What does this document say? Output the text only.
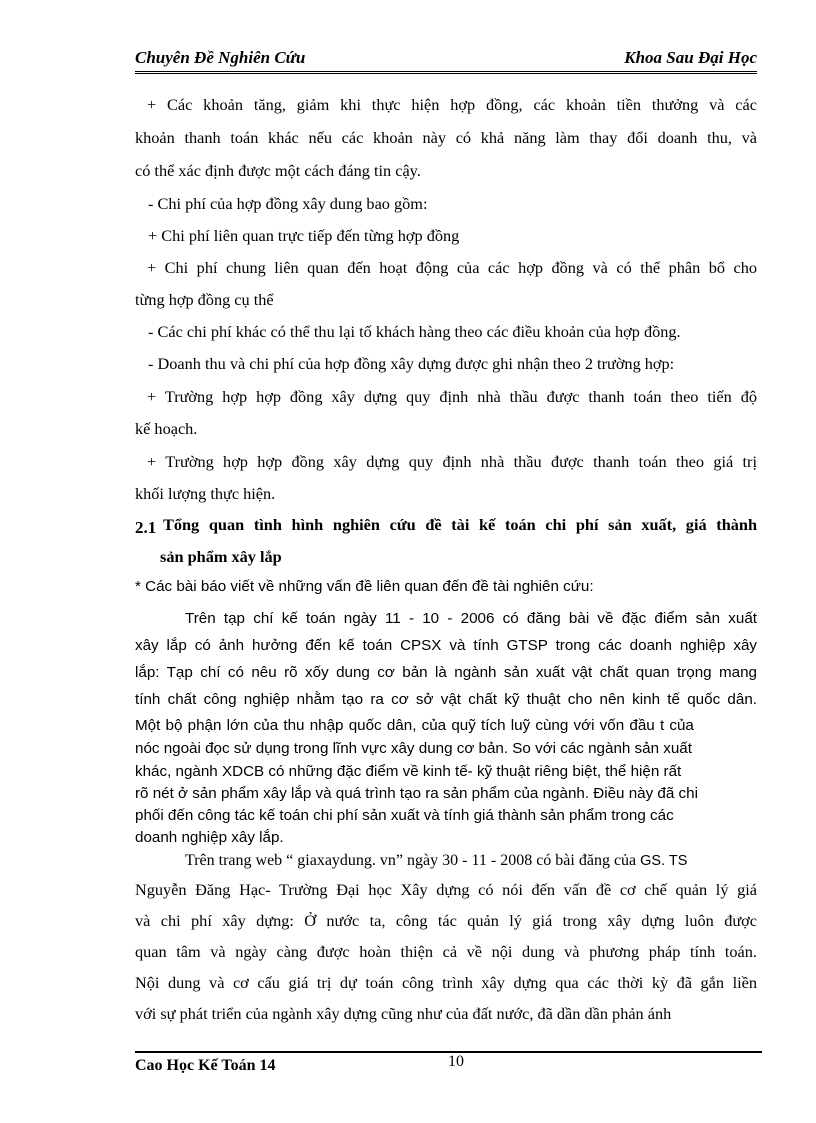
Chuyên Đề Nghiên Cứu	Khoa Sau Đại Học
+ Các khoản tăng, giảm khi thực hiện hợp đồng, các khoản tiền thưởng và các
khoản thanh toán khác nếu các khoản này có khả năng làm thay đổi doanh thu, và
có thể xác định được một cách đáng tin cậy.
- Chi phí của hợp đồng xây dung bao gồm:
+ Chi phí liên quan trực tiếp đến từng hợp đồng
+ Chi phí chung liên quan đến hoạt động của các hợp đồng và có thể phân bổ cho
từng hợp đồng cụ thể
- Các chi phí khác có thể thu lại tố khách hàng theo các điều khoản của hợp đồng.
- Doanh thu và chi phí của hợp đồng xây dựng được ghi nhận theo 2 trường hợp:
+ Trường hợp hợp đồng xây dựng quy định nhà thầu được thanh toán theo tiến độ
kế hoạch.
+ Trường hợp hợp đồng xây dựng quy định nhà thầu được thanh toán theo giá trị
khối lượng thực hiện.
2.1 Tổng quan tình hình nghiên cứu đề tài kế toán chi phí sản xuất, giá thành
sản phẩm xây lắp
* Các bài báo viết về những vấn đề liên quan đến đề tài nghiên cứu:
Trên tạp chí kế toán ngày 11 - 10 - 2006 có đăng bài về đặc điểm sản xuất
xây lắp có ảnh hưởng đến kế toán CPSX và tính GTSP trong các doanh nghiệp xây
lắp: Tạp chí có nêu rõ xốy dung cơ bản là ngành sản xuất vật chất quan trọng mang
tính chất công nghiệp nhằm tạo ra cơ sở vật chất kỹ thuật cho nên kinh tế quốc dân.
Một bộ phận lớn của thu nhập quốc dân, của quỹ tích luỹ cùng với vốn đầu t của
nóc ngoài đọc sử dụng trong lĩnh vực xây dung cơ bản. So với các ngành sản xuất
khác, ngành XDCB có những đặc điểm về kinh tế- kỹ thuật riêng biệt, thể hiện rất
rõ nét ở sản phẩm xây lắp và quá trình tạo ra sản phẩm của ngành. Điều này đã chi
phối đến công tác kế toán chi phí sản xuất và tính giá thành sản phẩm trong các
doanh nghiệp xây lắp.
Trên trang web “ giaxaydung. vn” ngày 30 - 11 - 2008 có bài đăng của GS. TS
Nguyễn Đăng Hạc- Trường Đại học Xây dựng có nói đến vấn đề cơ chế quản lý giá
và chi phí xây dựng: Ở nước ta, công tác quản lý giá trong xây dựng luôn được
quan tâm và ngày càng được hoàn thiện cả về nội dung và phương pháp tính toán.
Nội dung và cơ cấu giá trị dự toán công trình xây dựng qua các thời kỳ đã gắn liền
với sự phát triển của ngành xây dựng cũng như của đất nước, đã dần dần phản ánh
Cao Học Kế Toán 14	10
